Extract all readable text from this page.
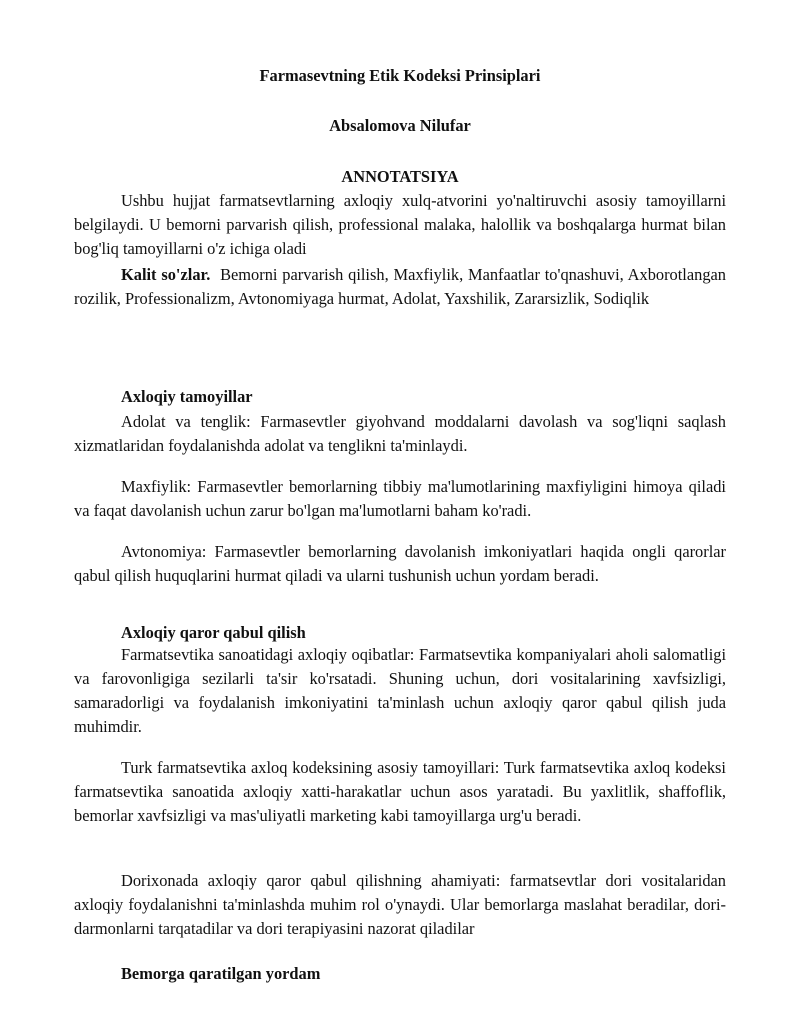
Farmasevtning Etik Kodeksi Prinsiplari

Absalomova Nilufar

ANNOTATSIYA

Ushbu hujjat farmatsevtlarning axloqiy xulq-atvorini yo'naltiruvchi asosiy tamoyillarni belgilaydi. U bemorni parvarish qilish, professional malaka, halollik va boshqalarga hurmat bilan bog'liq tamoyillarni o'z ichiga oladi

Kalit so'zlar. Bemorni parvarish qilish, Maxfiylik, Manfaatlar to'qnashuvi, Axborotlangan rozilik, Professionalizm, Avtonomiyaga hurmat, Adolat, Yaxshilik, Zararsizlik, Sodiqlik

Axloqiy tamoyillar

Adolat va tenglik: Farmasevtler giyohvand moddalarni davolash va sog'liqni saqlash xizmatlaridan foydalanishda adolat va tenglikni ta'minlaydi.

Maxfiylik: Farmasevtler bemorlarning tibbiy ma'lumotlarining maxfiyligini himoya qiladi va faqat davolanish uchun zarur bo'lgan ma'lumotlarni baham ko'radi.

Avtonomiya: Farmasevtler bemorlarning davolanish imkoniyatlari haqida ongli qarorlar qabul qilish huquqlarini hurmat qiladi va ularni tushunish uchun yordam beradi.

Axloqiy qaror qabul qilish

Farmatsevtika sanoatidagi axloqiy oqibatlar: Farmatsevtika kompaniyalari aholi salomatligi va farovonligiga sezilarli ta'sir ko'rsatadi. Shuning uchun, dori vositalarining xavfsizligi, samaradorligi va foydalanish imkoniyatini ta'minlash uchun axloqiy qaror qabul qilish juda muhimdir.

Turk farmatsevtika axloq kodeksining asosiy tamoyillari: Turk farmatsevtika axloq kodeksi farmatsevtika sanoatida axloqiy xatti-harakatlar uchun asos yaratadi. Bu yaxlitlik, shaffoflik, bemorlar xavfsizligi va mas'uliyatli marketing kabi tamoyillarga urg'u beradi.

Dorixonada axloqiy qaror qabul qilishning ahamiyati: farmatsevtlar dori vositalaridan axloqiy foydalanishni ta'minlashda muhim rol o'ynaydi. Ular bemorlarga maslahat beradilar, dori-darmonlarni tarqatadilar va dori terapiyasini nazorat qiladilar

Bemorga qaratilgan yordam
